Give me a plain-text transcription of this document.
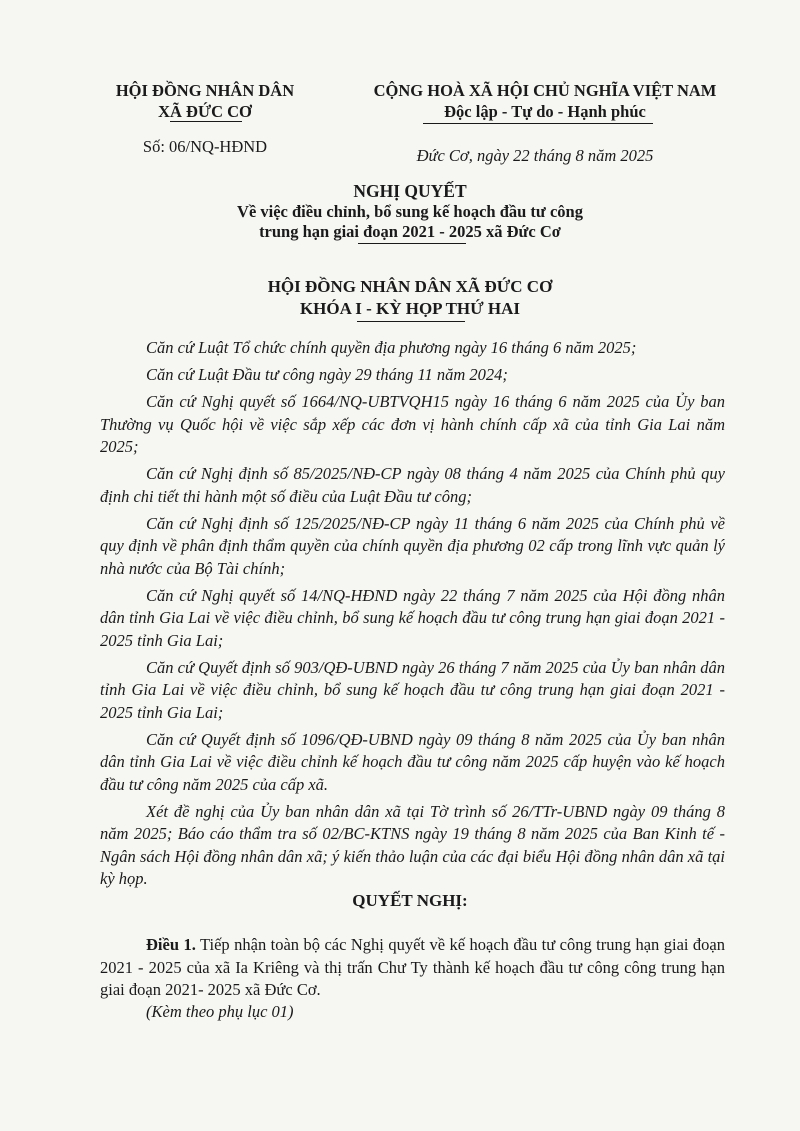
HỘI ĐỒNG NHÂN DÂN
XÃ ĐỨC CƠ
Số: 06/NQ-HĐND
CỘNG HOÀ XÃ HỘI CHỦ NGHĨA VIỆT NAM
Độc lập - Tự do - Hạnh phúc
Đức Cơ, ngày 22 tháng 8 năm 2025
NGHỊ QUYẾT
Về việc điều chỉnh, bổ sung kế hoạch đầu tư công
trung hạn giai đoạn 2021 - 2025 xã Đức Cơ
HỘI ĐỒNG NHÂN DÂN XÃ ĐỨC CƠ
KHÓA I - KỲ HỌP THỨ HAI

Căn cứ Luật Tổ chức chính quyền địa phương ngày 16 tháng 6 năm 2025;

Căn cứ Luật Đầu tư công ngày 29 tháng 11 năm 2024;

Căn cứ Nghị quyết số 1664/NQ-UBTVQH15 ngày 16 tháng 6 năm 2025 của Ủy ban Thường vụ Quốc hội về việc sắp xếp các đơn vị hành chính cấp xã của tỉnh Gia Lai năm 2025;

Căn cứ Nghị định số 85/2025/NĐ-CP ngày 08 tháng 4 năm 2025 của Chính phủ quy định chi tiết thi hành một số điều của Luật Đầu tư công;

Căn cứ Nghị định số 125/2025/NĐ-CP ngày 11 tháng 6 năm 2025 của Chính phủ về quy định về phân định thẩm quyền của chính quyền địa phương 02 cấp trong lĩnh vực quản lý nhà nước của Bộ Tài chính;

Căn cứ Nghị quyết số 14/NQ-HĐND ngày 22 tháng 7 năm 2025 của Hội đồng nhân dân tỉnh Gia Lai về việc điều chỉnh, bổ sung kế hoạch đầu tư công trung hạn giai đoạn 2021 - 2025 tỉnh Gia Lai;

Căn cứ Quyết định số 903/QĐ-UBND ngày 26 tháng 7 năm 2025 của Ủy ban nhân dân tỉnh Gia Lai về việc điều chỉnh, bổ sung kế hoạch đầu tư công trung hạn giai đoạn 2021 - 2025 tỉnh Gia Lai;

Căn cứ Quyết định số 1096/QĐ-UBND ngày 09 tháng 8 năm 2025 của Ủy ban nhân dân tỉnh Gia Lai về việc điều chỉnh kế hoạch đầu tư công năm 2025 cấp huyện vào kế hoạch đầu tư công năm 2025 của cấp xã.

Xét đề nghị của Ủy ban nhân dân xã tại Tờ trình số 26/TTr-UBND ngày 09 tháng 8 năm 2025; Báo cáo thẩm tra số 02/BC-KTNS ngày 19 tháng 8 năm 2025 của Ban Kinh tế - Ngân sách Hội đồng nhân dân xã; ý kiến thảo luận của các đại biểu Hội đồng nhân dân xã tại kỳ họp.

QUYẾT NGHỊ:

Điều 1. Tiếp nhận toàn bộ các Nghị quyết về kế hoạch đầu tư công trung hạn giai đoạn 2021 - 2025 của xã Ia Kriêng và thị trấn Chư Ty thành kế hoạch đầu tư công công trung hạn giai đoạn 2021- 2025 xã Đức Cơ.

(Kèm theo phụ lục 01)
